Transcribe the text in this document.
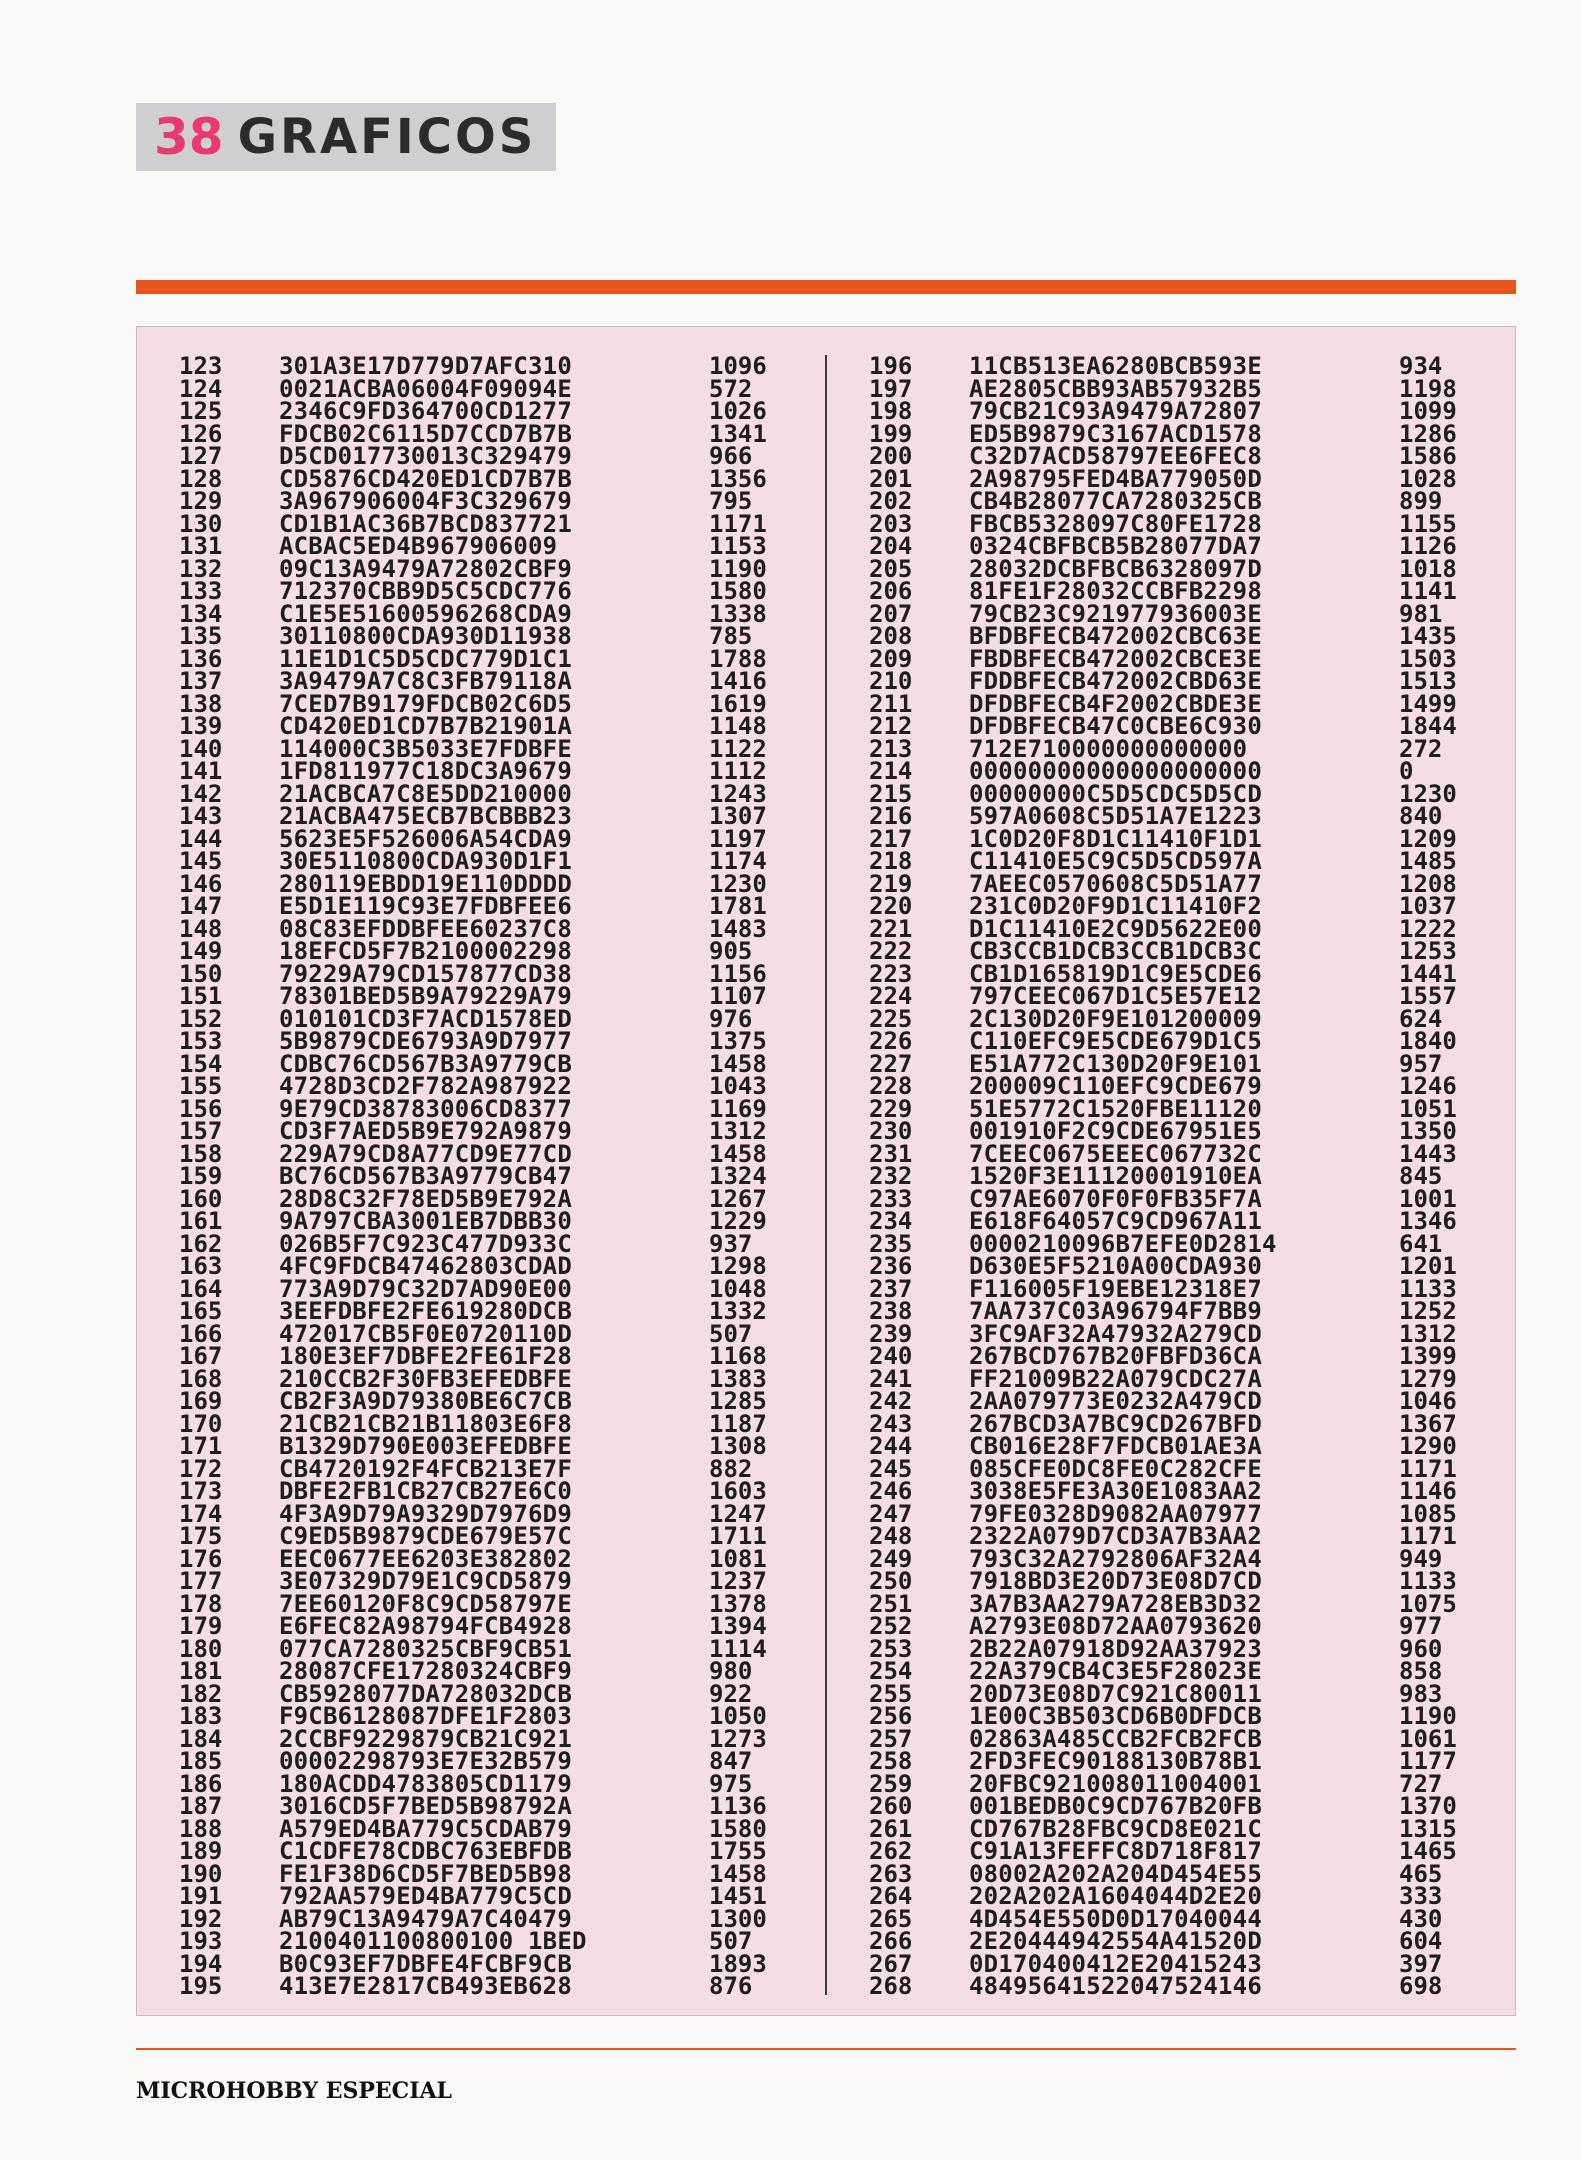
38 GRAFICOS
123	301A3E17D779D7AFC310	1096
124	0021ACBA06004F09094E	572
125	2346C9FD364700CD1277	1026
126	FDCB02C6115D7CCD7B7B	1341
127	D5CD017730013C329479	966
128	CD5876CD420ED1CD7B7B	1356
129	3A967906004F3C329679	795
130	CD1B1AC36B7BCD837721	1171
131	ACBAC5ED4B967906009	1153
132	09C13A9479A72802CBF9	1190
133	712370CBB9D5C5CDC776	1580
134	C1E5E51600596268CDA9	1338
135	30110800CDA930D11938	785
136	11E1D1C5D5CDC779D1C1	1788
137	3A9479A7C8C3FB79118A	1416
138	7CED7B9179FDCB02C6D5	1619
139	CD420ED1CD7B7B21901A	1148
140	114000C3B5033E7FDBFE	1122
141	1FD811977C18DC3A9679	1112
142	21ACBCA7C8E5DD210000	1243
143	21ACBA475ECB7BCBBB23	1307
144	5623E5F526006A54CDA9	1197
145	30E5110800CDA930D1F1	1174
146	280119EBDD19E110DDDD	1230
147	E5D1E119C93E7FDBFEE6	1781
148	08C83EFDDBFEE60237C8	1483
149	18EFCD5F7B2100002298	905
150	79229A79CD157877CD38	1156
151	78301BED5B9A79229A79	1107
152	010101CD3F7ACD1578ED	976
153	5B9879CDE6793A9D7977	1375
154	CDBC76CD567B3A9779CB	1458
155	4728D3CD2F782A987922	1043
156	9E79CD38783006CD8377	1169
157	CD3F7AED5B9E792A9879	1312
158	229A79CD8A77CD9E77CD	1458
159	BC76CD567B3A9779CB47	1324
160	28D8C32F78ED5B9E792A	1267
161	9A797CBA3001EB7DBB30	1229
162	026B5F7C923C477D933C	937
163	4FC9FDCB47462803CDAD	1298
164	773A9D79C32D7AD90E00	1048
165	3EEFDBFE2FE619280DCB	1332
166	472017CB5F0E0720110D	507
167	180E3EF7DBFE2FE61F28	1168
168	210CCB2F30FB3EFEDBFE	1383
169	CB2F3A9D79380BE6C7CB	1285
170	21CB21CB21B11803E6F8	1187
171	B1329D790E003EFEDBFE	1308
172	CB4720192F4FCB213E7F	882
173	DBFE2FB1CB27CB27E6C0	1603
174	4F3A9D79A9329D7976D9	1247
175	C9ED5B9879CDE679E57C	1711
176	EEC0677EE6203E382802	1081
177	3E07329D79E1C9CD5879	1237
178	7EE60120F8C9CD58797E	1378
179	E6FEC82A98794FCB4928	1394
180	077CA7280325CBF9CB51	1114
181	28087CFE17280324CBF9	980
182	CB5928077DA728032DCB	922
183	F9CB6128087DFE1F2803	1050
184	2CCBF9229879CB21C921	1273
185	00002298793E7E32B579	847
186	180ACDD4783805CD1179	975
187	3016CD5F7BED5B98792A	1136
188	A579ED4BA779C5CDAB79	1580
189	C1CDFE78CDBC763EBFDB	1755
190	FE1F38D6CD5F7BED5B98	1458
191	792AA579ED4BA779C5CD	1451
192	AB79C13A9479A7C40479	1300
193	2100401100800100 1BED	507
194	B0C93EF7DBFE4FCBF9CB	1893
195	413E7E2817CB493EB628	876
196	11CB513EA6280BCB593E	934
197	AE2805CBB93AB57932B5	1198
198	79CB21C93A9479A72807	1099
199	ED5B9879C3167ACD1578	1286
200	C32D7ACD58797EE6FEC8	1586
201	2A98795FED4BA779050D	1028
202	CB4B28077CA7280325CB	899
203	FBCB5328097C80FE1728	1155
204	0324CBFBCB5B28077DA7	1126
205	28032DCBFBCB6328097D	1018
206	81FE1F28032CCBFB2298	1141
207	79CB23C921977936003E	981
208	BFDBFECB472002CBC63E	1435
209	FBDBFECB472002CBCE3E	1503
210	FDDBFECB472002CBD63E	1513
211	DFDBFECB4F2002CBDE3E	1499
212	DFDBFECB47C0CBE6C930	1844
213	712E710000000000000	272
214	00000000000000000000	0
215	00000000C5D5CDC5D5CD	1230
216	597A0608C5D51A7E1223	840
217	1C0D20F8D1C11410F1D1	1209
218	C11410E5C9C5D5CD597A	1485
219	7AEEC0570608C5D51A77	1208
220	231C0D20F9D1C11410F2	1037
221	D1C11410E2C9D5622E00	1222
222	CB3CCB1DCB3CCB1DCB3C	1253
223	CB1D165819D1C9E5CDE6	1441
224	797CEEC067D1C5E57E12	1557
225	2C130D20F9E101200009	624
226	C110EFC9E5CDE679D1C5	1840
227	E51A772C130D20F9E101	957
228	200009C110EFC9CDE679	1246
229	51E5772C1520FBE11120	1051
230	001910F2C9CDE67951E5	1350
231	7CEEC0675EEEC067732C	1443
232	1520F3E11120001910EA	845
233	C97AE6070F0F0FB35F7A	1001
234	E618F64057C9CD967A11	1346
235	0000210096B7EFE0D2814	641
236	D630E5F5210A00CDA930	1201
237	F116005F19EBE12318E7	1133
238	7AA737C03A96794F7BB9	1252
239	3FC9AF32A47932A279CD	1312
240	267BCD767B20FBFD36CA	1399
241	FF21009B22A079CDC27A	1279
242	2AA079773E0232A479CD	1046
243	267BCD3A7BC9CD267BFD	1367
244	CB016E28F7FDCB01AE3A	1290
245	085CFE0DC8FE0C282CFE	1171
246	3038E5FE3A30E1083AA2	1146
247	79FE0328D9082AA07977	1085
248	2322A079D7CD3A7B3AA2	1171
249	793C32A2792806AF32A4	949
250	7918BD3E20D73E08D7CD	1133
251	3A7B3AA279A728EB3D32	1075
252	A2793E08D72AA0793620	977
253	2B22A07918D92AA37923	960
254	22A379CB4C3E5F28023E	858
255	20D73E08D7C921C80011	983
256	1E00C3B503CD6B0DFDCB	1190
257	02863A485CCB2FCB2FCB	1061
258	2FD3FEC90188130B78B1	1177
259	20FBC921008011004001	727
260	001BEDB0C9CD767B20FB	1370
261	CD767B28FBC9CD8E021C	1315
262	C91A13FEFFC8D718F817	1465
263	08002A202A204D454E55	465
264	202A202A1604044D2E20	333
265	4D454E550D0D17040044	430
266	2E20444942554A41520D	604
267	0D170400412E20415243	397
268	48495641522047524146	698
MICROHOBBY ESPECIAL
